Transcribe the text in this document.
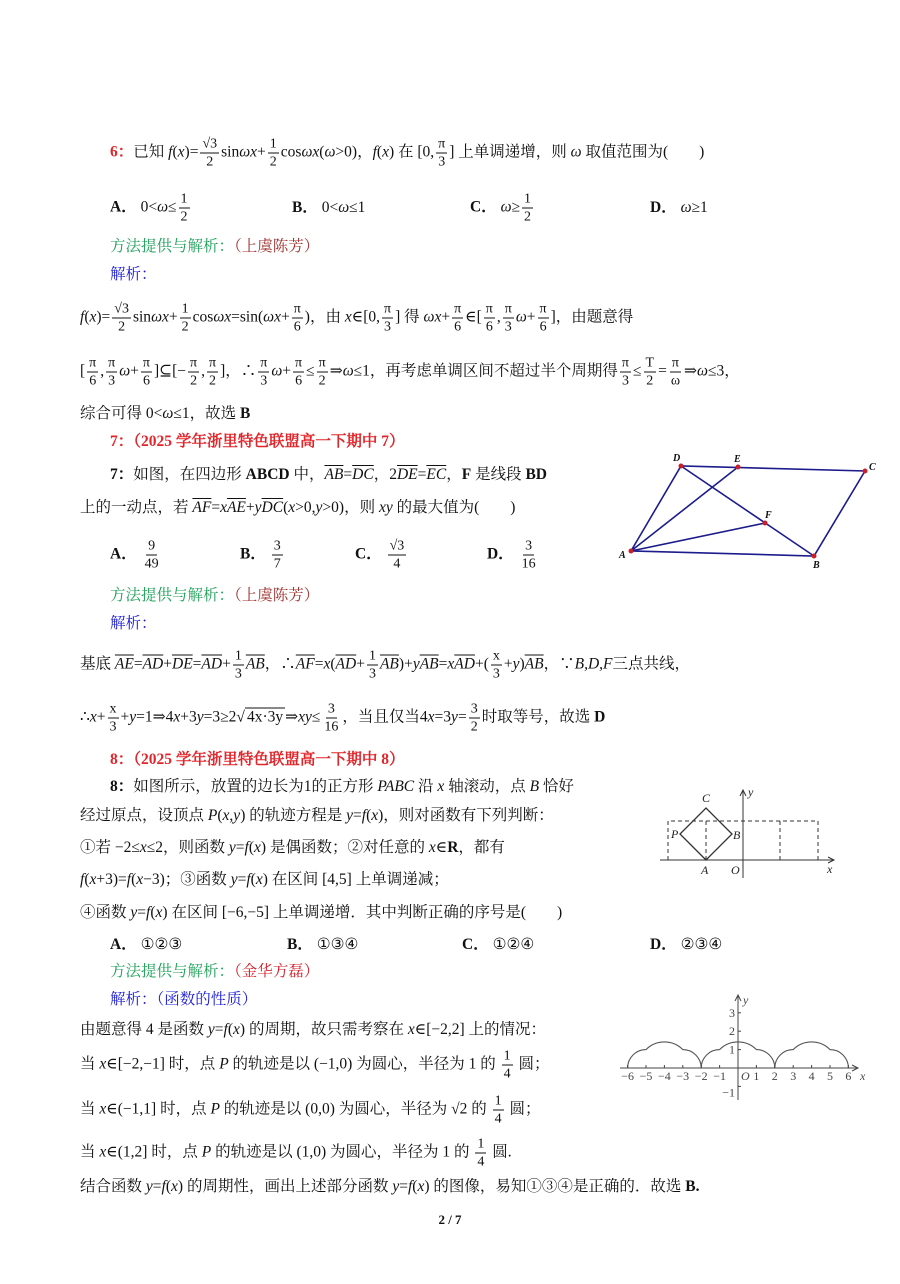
6：已知 $f(x)= \frac{√3}{2} \sin\omega x+ \frac{1}{2} \cos\omega x(\omega>0)$，f(x) 在 [0, $\frac{\pi}{3}$ ] 上单调递增，则 ω 取值范围为(　　)
A． $0<\omega\le \frac{1}{2}$	B． 0<ω≤1	C． $\omega\ge \frac{1}{2}$	D． ω≥1
方法提供与解析：（上虞陈芳）
解析：
$f(x)= \frac{√3}{2} \sin\omega x+ \frac{1}{2} \cos\omega x=\sin(\omega x+ \frac{\pi}{6}$ )，由 x∈[0, $\frac{\pi}{3}$ ] 得 $\omega x+ \frac{\pi}{6}$ ∈[ $\frac{\pi}{6}$ , $\frac{\pi}{3} \omega+ \frac{\pi}{6}$ ]，由题意得
[ $\frac{\pi}{6}$ , $\frac{\pi}{3} \omega+ \frac{\pi}{6}$ ]⊆[− $\frac{\pi}{2}$ , $\frac{\pi}{2}$ ]，∴ $\frac{\pi}{3} \omega+ \frac{\pi}{6} \le \frac{\pi}{2}$ ⇒ω≤1，再考虑单调区间不超过半个周期得 $\frac{\pi}{3} \le \frac{T}{2} = \frac{\pi}{\omega}$ ⇒ω≤3，
综合可得 0<ω≤1，故选 B
7：（2025 学年浙里特色联盟高一下期中 7）
7：如图，在四边形 ABCD 中，$\overline{AB}=\overline{DC}$，$2\overline{DE}=\overline{EC}$，F 是线段 BD
上的一动点，若 $\overline{AF}=x\overline{AE}+y\overline{DC}(x>0,y>0)$，则 xy 的最大值为(　　)
A． $\frac{9}{49}$	B． $\frac{3}{7}$	C． $\frac{√3}{4}$	D． $\frac{3}{16}$	A
D	E
C
B
F
方法提供与解析：（上虞陈芳）
解析：
基底 $\overline{AE}=\overline{AD}+\overline{DE}=\overline{AD}+ \frac{1}{3} \overline{AB}$，$\therefore\overline{AF}=x(\overline{AD}+ \frac{1}{3} \overline{AB})+y\overline{AB}=x\overline{AD}+( \frac{x}{3} +y)\overline{AB}$，∵B,D,F三点共线，
∴x+ $\frac{x}{3}$ +y=1⇒4x+3y=3≥2√ 4x·3y ⇒xy≤ $\frac{3}{16}$ ，当且仅当$4x=3y= \frac{3}{2}$ 时取等号，故选 D
8：（2025 学年浙里特色联盟高一下期中 8）
8：如图所示，放置的边长为1的正方形 PABC 沿 x 轴滚动，点 B 恰好
经过原点，设顶点 P(x,y) 的轨迹方程是 y=f(x)，则对函数有下列判断：
①若 −2≤x≤2，则函数 y=f(x) 是偶函数；②对任意的 x∈R，都有
f(x+3)=f(x−3)；③函数 y=f(x) 在区间 [4,5] 上单调递减；
④函数 y=f(x) 在区间 [−6,−5] 上单调递增．其中判断正确的序号是(　　)
A． ①②③	B． ①③④	C． ①②④	D． ②③④
C
P	B
A O	x
y
方法提供与解析：（金华方磊）
解析：（函数的性质）
由题意得 4 是函数 y=f(x) 的周期，故只需考察在 x∈[−2,2] 上的情况：
当 x∈[−2,−1] 时，点 P 的轨迹是以 (−1,0) 为圆心，半径为 1 的 $\frac{1}{4}$ 圆；
当 x∈(−1,1] 时，点 P 的轨迹是以 (0,0) 为圆心，半径为 √2 的 $\frac{1}{4}$ 圆；
当 x∈(1,2] 时，点 P 的轨迹是以 (1,0) 为圆心，半径为 1 的 $\frac{1}{4}$ 圆.
结合函数 y=f(x) 的周期性，画出上述部分函数 y=f(x) 的图像，易知①③④是正确的．故选 B.
−6 −5 −4 −3 −2 −1 1 2 3 4 5 6
3
2
1
−1
O	x
y
2 / 7
